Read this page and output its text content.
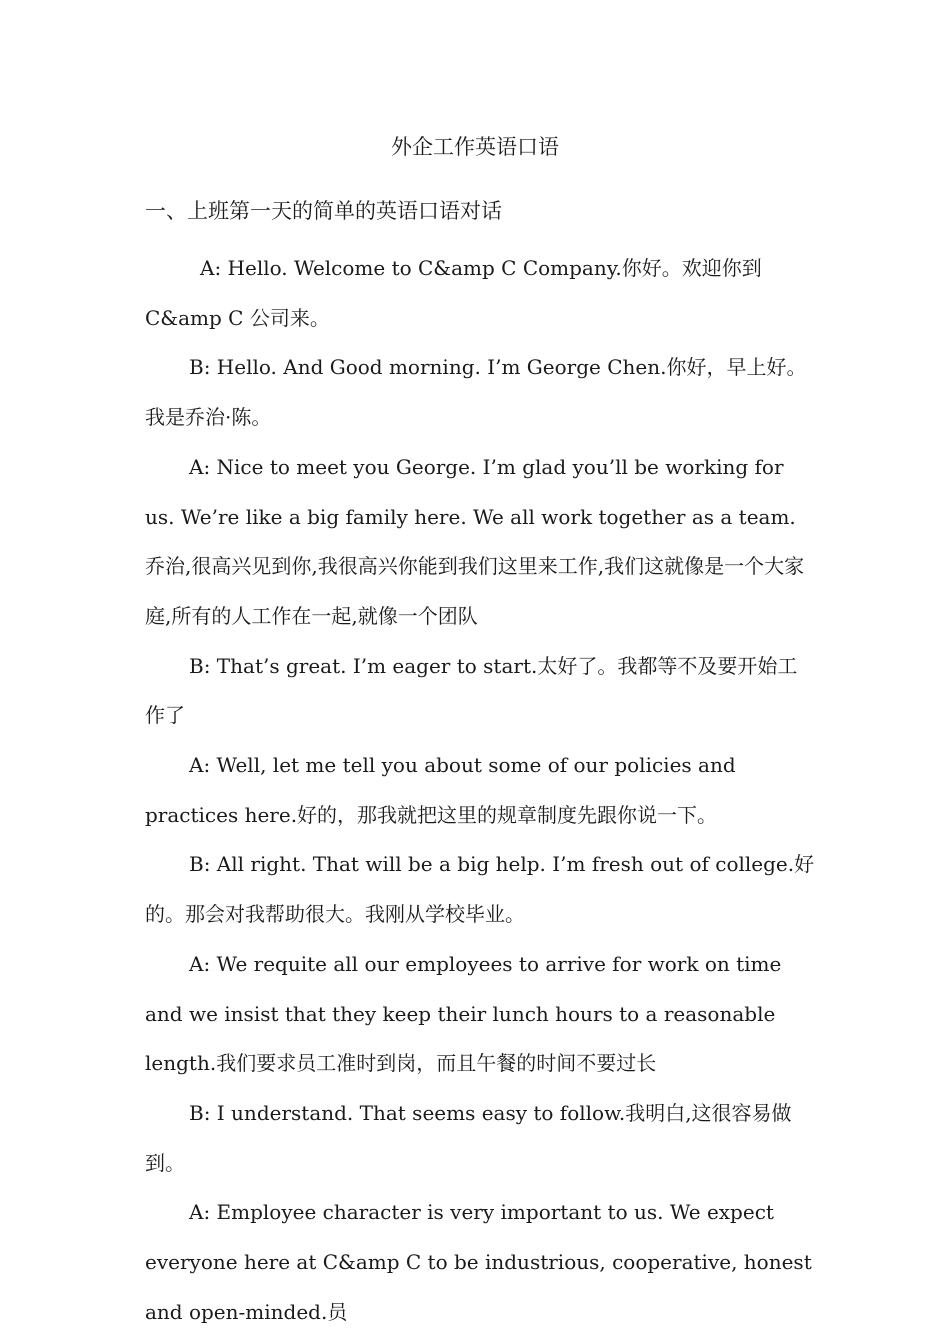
外企工作英语口语
一、上班第一天的简单的英语口语对话

A: Hello. Welcome to C&amp C Company.你好。欢迎你到 C&amp C 公司来。

B: Hello. And Good morning. I’m George Chen.你好，早上好。我是乔治·陈。

A: Nice to meet you George. I’m glad you’ll be working for us. We’re like a big family here. We all work together as a team.乔治,很高兴见到你,我很高兴你能到我们这里来工作,我们这就像是一个大家庭,所有的人工作在一起,就像一个团队

B: That’s great. I’m eager to start.太好了。我都等不及要开始工作了

A: Well, let me tell you about some of our policies and practices here.好的，那我就把这里的规章制度先跟你说一下。

B: All right. That will be a big help. I’m fresh out of college.好的。那会对我帮助很大。我刚从学校毕业。

A: We requite all our employees to arrive for work on time and we insist that they keep their lunch hours to a reasonable length.我们要求员工准时到岗，而且午餐的时间不要过长

B: I understand. That seems easy to follow.我明白,这很容易做到。

A: Employee character is very important to us. We expect everyone here at C&amp C to be industrious, cooperative, honest and open-minded.员
